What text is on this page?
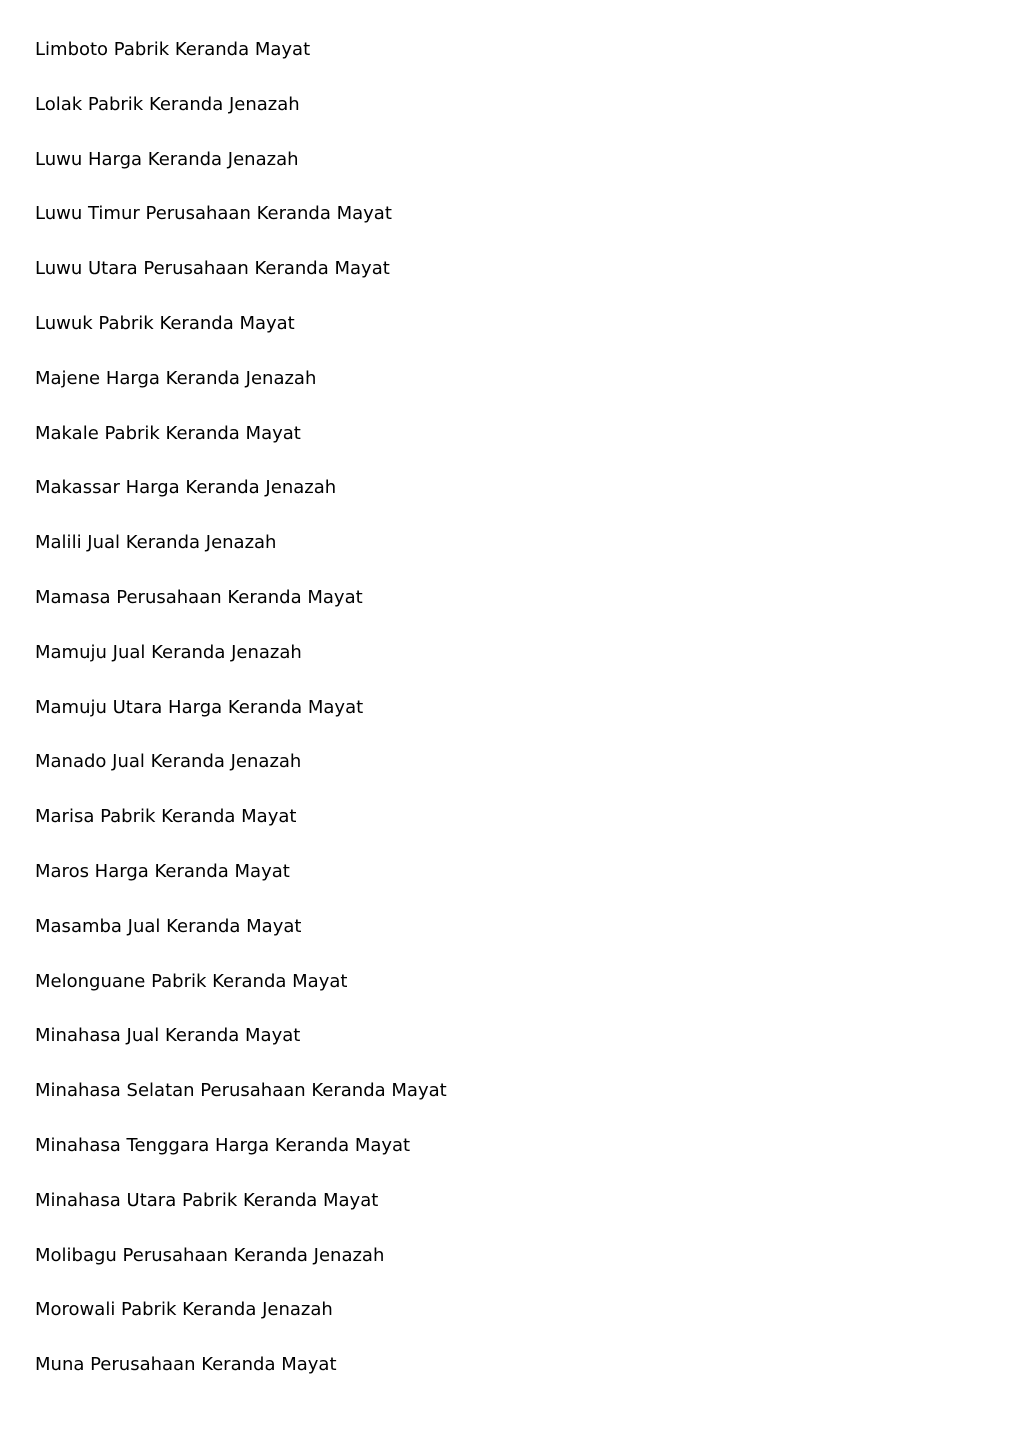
Limboto Pabrik Keranda Mayat
Lolak Pabrik Keranda Jenazah
Luwu Harga Keranda Jenazah
Luwu Timur Perusahaan Keranda Mayat
Luwu Utara Perusahaan Keranda Mayat
Luwuk Pabrik Keranda Mayat
Majene Harga Keranda Jenazah
Makale Pabrik Keranda Mayat
Makassar Harga Keranda Jenazah
Malili Jual Keranda Jenazah
Mamasa Perusahaan Keranda Mayat
Mamuju Jual Keranda Jenazah
Mamuju Utara Harga Keranda Mayat
Manado Jual Keranda Jenazah
Marisa Pabrik Keranda Mayat
Maros Harga Keranda Mayat
Masamba Jual Keranda Mayat
Melonguane Pabrik Keranda Mayat
Minahasa Jual Keranda Mayat
Minahasa Selatan Perusahaan Keranda Mayat
Minahasa Tenggara Harga Keranda Mayat
Minahasa Utara Pabrik Keranda Mayat
Molibagu Perusahaan Keranda Jenazah
Morowali Pabrik Keranda Jenazah
Muna Perusahaan Keranda Mayat
